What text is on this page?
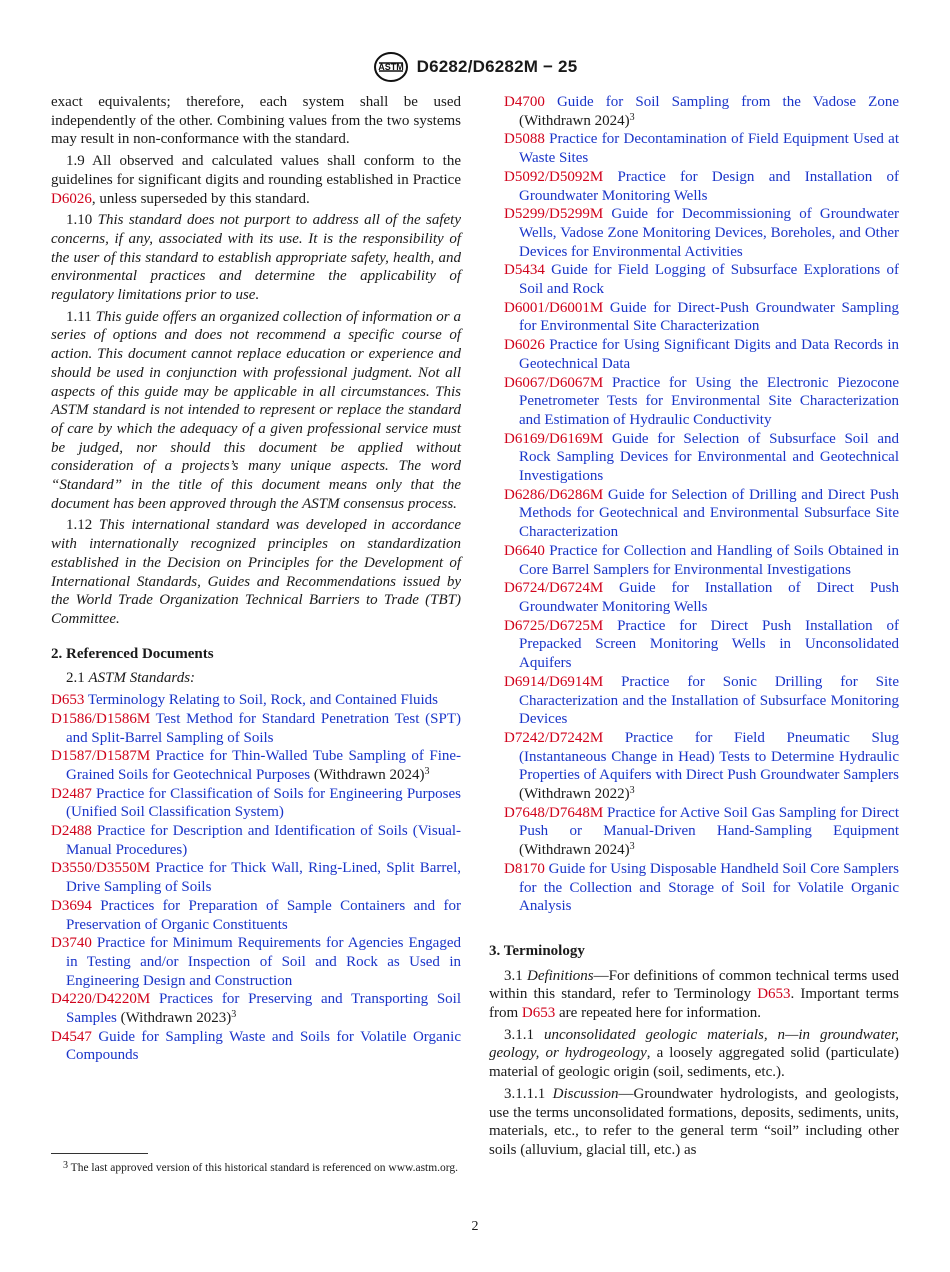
ASTM D6282/D6282M − 25

exact equivalents; therefore, each system shall be used independently of the other. Combining values from the two systems may result in non-conformance with the standard.

1.9 All observed and calculated values shall conform to the guidelines for significant digits and rounding established in Practice D6026, unless superseded by this standard.

1.10 This standard does not purport to address all of the safety concerns, if any, associated with its use. It is the responsibility of the user of this standard to establish appropriate safety, health, and environmental practices and determine the applicability of regulatory limitations prior to use.

1.11 This guide offers an organized collection of information or a series of options and does not recommend a specific course of action. This document cannot replace education or experience and should be used in conjunction with professional judgment. Not all aspects of this guide may be applicable in all circumstances. This ASTM standard is not intended to represent or replace the standard of care by which the adequacy of a given professional service must be judged, nor should this document be applied without consideration of a projects’s many unique aspects. The word “Standard” in the title of this document means only that the document has been approved through the ASTM consensus process.

1.12 This international standard was developed in accordance with internationally recognized principles on standardization established in the Decision on Principles for the Development of International Standards, Guides and Recommendations issued by the World Trade Organization Technical Barriers to Trade (TBT) Committee.

2. Referenced Documents

2.1 ASTM Standards:

D653 Terminology Relating to Soil, Rock, and Contained Fluids

D1586/D1586M Test Method for Standard Penetration Test (SPT) and Split-Barrel Sampling of Soils

D1587/D1587M Practice for Thin-Walled Tube Sampling of Fine-Grained Soils for Geotechnical Purposes (Withdrawn 2024)$^3$

D2487 Practice for Classification of Soils for Engineering Purposes (Unified Soil Classification System)

D2488 Practice for Description and Identification of Soils (Visual-Manual Procedures)

D3550/D3550M Practice for Thick Wall, Ring-Lined, Split Barrel, Drive Sampling of Soils

D3694 Practices for Preparation of Sample Containers and for Preservation of Organic Constituents

D3740 Practice for Minimum Requirements for Agencies Engaged in Testing and/or Inspection of Soil and Rock as Used in Engineering Design and Construction

D4220/D4220M Practices for Preserving and Transporting Soil Samples (Withdrawn 2023)$^3$

D4547 Guide for Sampling Waste and Soils for Volatile Organic Compounds

$^3$ The last approved version of this historical standard is referenced on www.astm.org.

D4700 Guide for Soil Sampling from the Vadose Zone (Withdrawn 2024)$^3$

D5088 Practice for Decontamination of Field Equipment Used at Waste Sites

D5092/D5092M Practice for Design and Installation of Groundwater Monitoring Wells

D5299/D5299M Guide for Decommissioning of Groundwater Wells, Vadose Zone Monitoring Devices, Boreholes, and Other Devices for Environmental Activities

D5434 Guide for Field Logging of Subsurface Explorations of Soil and Rock

D6001/D6001M Guide for Direct-Push Groundwater Sampling for Environmental Site Characterization

D6026 Practice for Using Significant Digits and Data Records in Geotechnical Data

D6067/D6067M Practice for Using the Electronic Piezocone Penetrometer Tests for Environmental Site Characterization and Estimation of Hydraulic Conductivity

D6169/D6169M Guide for Selection of Subsurface Soil and Rock Sampling Devices for Environmental and Geotechnical Investigations

D6286/D6286M Guide for Selection of Drilling and Direct Push Methods for Geotechnical and Environmental Subsurface Site Characterization

D6640 Practice for Collection and Handling of Soils Obtained in Core Barrel Samplers for Environmental Investigations

D6724/D6724M Guide for Installation of Direct Push Groundwater Monitoring Wells

D6725/D6725M Practice for Direct Push Installation of Prepacked Screen Monitoring Wells in Unconsolidated Aquifers

D6914/D6914M Practice for Sonic Drilling for Site Characterization and the Installation of Subsurface Monitoring Devices

D7242/D7242M Practice for Field Pneumatic Slug (Instantaneous Change in Head) Tests to Determine Hydraulic Properties of Aquifers with Direct Push Groundwater Samplers (Withdrawn 2022)$^3$

D7648/D7648M Practice for Active Soil Gas Sampling for Direct Push or Manual-Driven Hand-Sampling Equipment (Withdrawn 2024)$^3$

D8170 Guide for Using Disposable Handheld Soil Core Samplers for the Collection and Storage of Soil for Volatile Organic Analysis

3. Terminology

3.1 Definitions—For definitions of common technical terms used within this standard, refer to Terminology D653. Important terms from D653 are repeated here for information.

3.1.1 unconsolidated geologic materials, n—in groundwater, geology, or hydrogeology, a loosely aggregated solid (particulate) material of geologic origin (soil, sediments, etc.).

3.1.1.1 Discussion—Groundwater hydrologists, and geologists, use the terms unconsolidated formations, deposits, sediments, units, materials, etc., to refer to the general term “soil” including other soils (alluvium, glacial till, etc.) as

2
